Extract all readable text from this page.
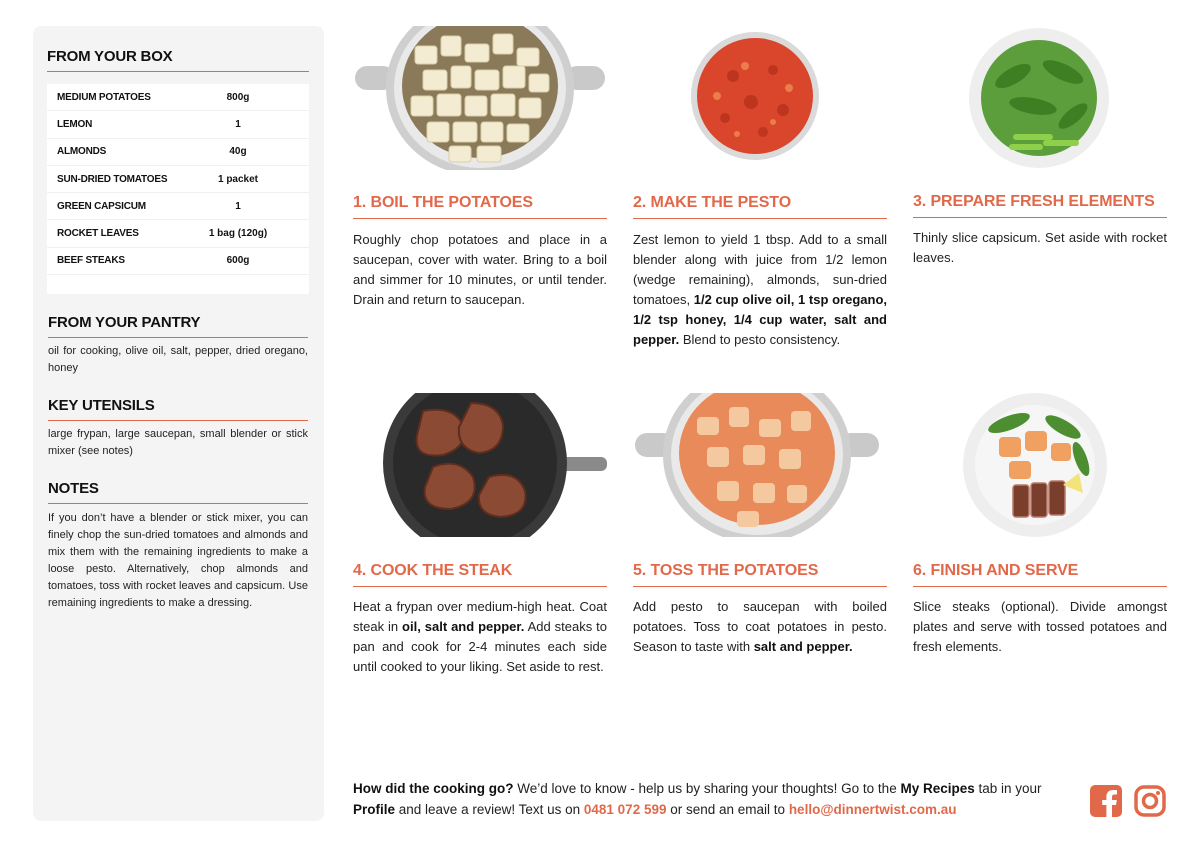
FROM YOUR BOX
MEDIUM POTATOES	800g
LEMON	1
ALMONDS	40g
SUN-DRIED TOMATOES	1 packet
GREEN CAPSICUM	1
ROCKET LEAVES	1 bag (120g)
BEEF STEAKS	600g
FROM YOUR PANTRY
oil for cooking, olive oil, salt, pepper, dried oregano, honey
KEY UTENSILS
large frypan, large saucepan, small blender or stick mixer (see notes)
NOTES
If you don’t have a blender or stick mixer, you can finely chop the sun-dried tomatoes and almonds and mix them with the remaining ingredients to make a loose pesto. Alternatively, chop almonds and tomatoes, toss with rocket leaves and capsicum. Use remaining ingredients to make a dressing.
1. BOIL THE POTATOES
Roughly chop potatoes and place in a saucepan, cover with water. Bring to a boil and simmer for 10 minutes, or until tender. Drain and return to saucepan.
2. MAKE THE PESTO
Zest lemon to yield 1 tbsp. Add to a small blender along with juice from 1/2 lemon (wedge remaining), almonds, sun-dried tomatoes, 1/2 cup olive oil, 1 tsp oregano, 1/2 tsp honey, 1/4 cup water, salt and pepper. Blend to pesto consistency.
3. PREPARE FRESH ELEMENTS
Thinly slice capsicum. Set aside with rocket leaves.
4. COOK THE STEAK
Heat a frypan over medium-high heat. Coat steak in oil, salt and pepper. Add steaks to pan and cook for 2-4 minutes each side until cooked to your liking. Set aside to rest.
5. TOSS THE POTATOES
Add pesto to saucepan with boiled potatoes. Toss to coat potatoes in pesto. Season to taste with salt and pepper.
6. FINISH AND SERVE
Slice steaks (optional). Divide amongst plates and serve with tossed potatoes and fresh elements.
How did the cooking go? We’d love to know - help us by sharing your thoughts! Go to the My Recipes tab in your Profile and leave a review! Text us on 0481 072 599 or send an email to hello@dinnertwist.com.au
